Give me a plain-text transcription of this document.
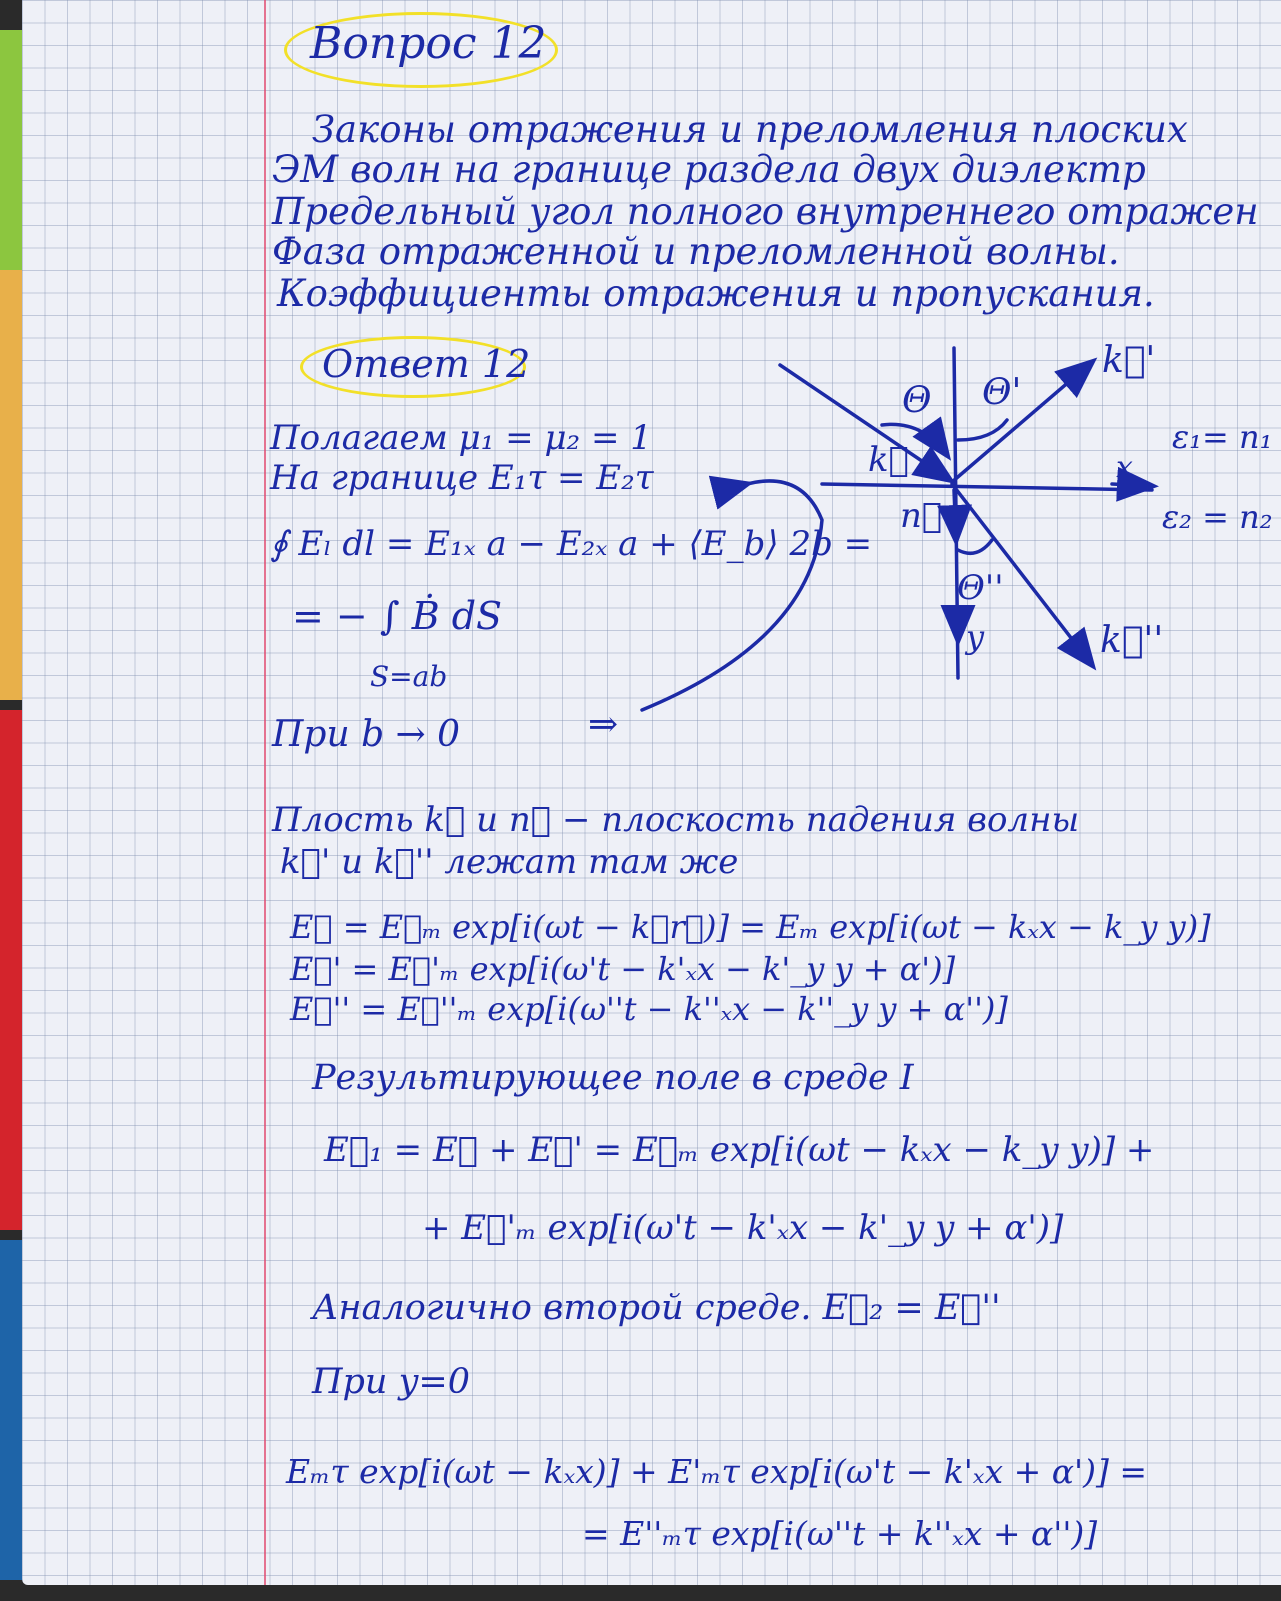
Вопрос 12
Законы отражения и преломления плоских
ЭМ волн на границе раздела двух диэлектр
Предельный угол полного внутреннего отражен
Фаза отраженной и преломленной волны.
Коэффициенты отражения и пропускания.
Ответ 12
Θ Θ'
Θ''
k⃗
k⃗'
k⃗''
n⃗
x
y
ε₁= n₁
ε₂ = n₂
Полагаем μ₁ = μ₂ = 1
На границе E₁τ = E₂τ
∮ Eₗ dl = E₁ₓ a − E₂ₓ a + ⟨E_b⟩ 2b =
= − ∫ Ḃ dS
S=ab
При b → 0	⇒
Плость k⃗ и n⃗ − плоскость падения волны
k⃗' и k⃗'' лежат там же
E⃗ = E⃗ₘ exp[i(ωt − k⃗r⃗)] = Eₘ exp[i(ωt − kₓx − k_y y)]
E⃗' = E⃗'ₘ exp[i(ω't − k'ₓx − k'_y y + α')]
E⃗'' = E⃗''ₘ exp[i(ω''t − k''ₓx − k''_y y + α'')]
Результирующее поле в среде I
E⃗₁ = E⃗ + E⃗' = E⃗ₘ exp[i(ωt − kₓx − k_y y)] +
+ E⃗'ₘ exp[i(ω't − k'ₓx − k'_y y + α')]
Аналогично второй среде. E⃗₂ = E⃗''
При y=0
Eₘτ exp[i(ωt − kₓx)] + E'ₘτ exp[i(ω't − k'ₓx + α')] =
= E''ₘτ exp[i(ω''t + k''ₓx + α'')]
